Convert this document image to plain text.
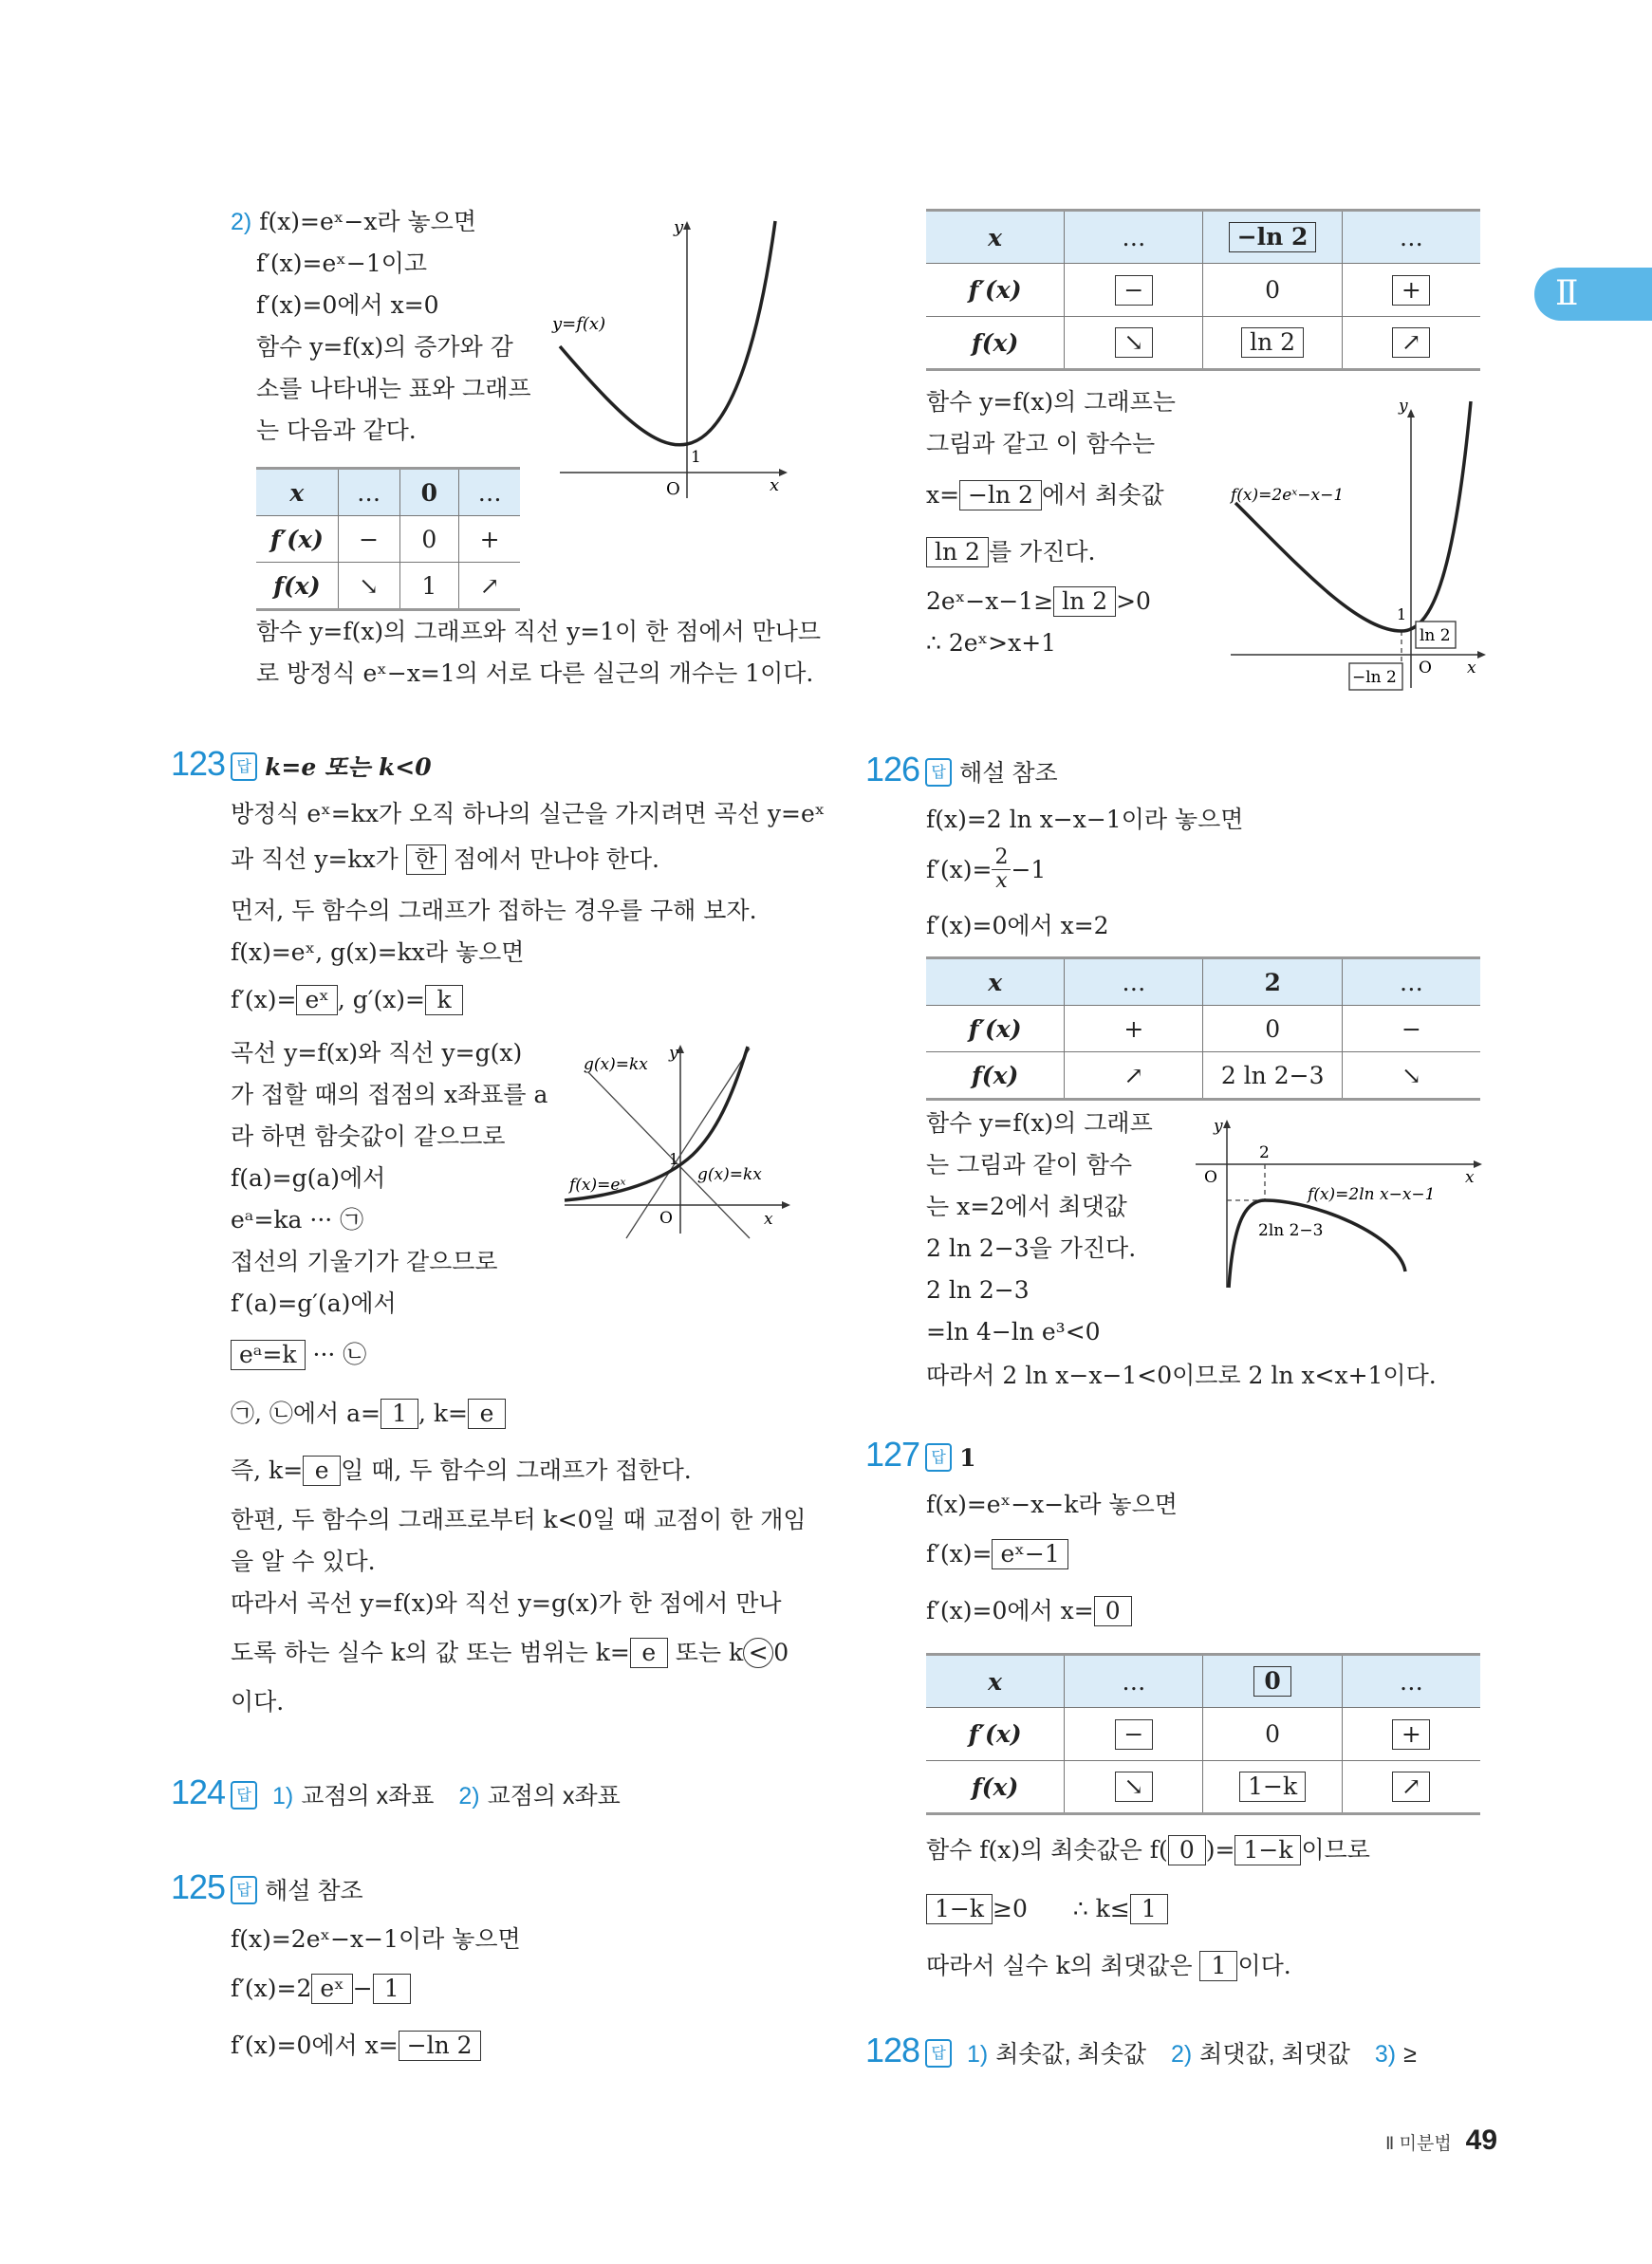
Ⅱ
2) f(x)=eˣ−x라 놓으면
f′(x)=eˣ−1이고
f′(x)=0에서 x=0
함수 y=f(x)의 증가와 감
소를 나타내는 표와 그래프
는 다음과 같다.
y
x
O
1
y=f(x)
x	…	0	…
f′(x)	−	0	+
f(x)	↘	1	↗
함수 y=f(x)의 그래프와 직선 y=1이 한 점에서 만나므
로 방정식 eˣ−x=1의 서로 다른 실근의 개수는 1이다.
123 답 k=e 또는 k<0
방정식 eˣ=kx가 오직 하나의 실근을 가지려면 곡선 y=eˣ
과 직선 y=kx가 한 점에서 만나야 한다.
먼저, 두 함수의 그래프가 접하는 경우를 구해 보자.
f(x)=eˣ, g(x)=kx라 놓으면
f′(x)= eˣ , g′(x)= k
곡선 y=f(x)와 직선 y=g(x)
가 접할 때의 접점의 x좌표를 a
라 하면 함숫값이 같으므로
f(a)=g(a)에서
eᵃ=ka ··· ㉠
접선의 기울기가 같으므로
f′(a)=g′(a)에서
eᵃ=k ··· ㉡
㉠, ㉡에서 a= 1 , k= e
즉, k= e 일 때, 두 함수의 그래프가 접한다.
한편, 두 함수의 그래프로부터 k<0일 때 교점이 한 개임
을 알 수 있다.
따라서 곡선 y=f(x)와 직선 y=g(x)가 한 점에서 만나
도록 하는 실수 k의 값 또는 범위는 k= e 또는 k < 0
이다.
y
x
O
1
g(x)=kx
g(x)=kx
f(x)=eˣ
124 답 1) 교점의 x좌표 2) 교점의 x좌표
125 답 해설 참조
f(x)=2eˣ−x−1이라 놓으면
f′(x)=2 eˣ − 1
f′(x)=0에서 x= −ln 2
x	…	−ln 2	…
f′(x)	−	0	+
f(x)	↘	ln 2	↗
함수 y=f(x)의 그래프는
그림과 같고 이 함수는
x= −ln 2 에서 최솟값
ln 2 를 가진다.
2eˣ−x−1≥ ln 2 >0
∴ 2eˣ>x+1
y
x
O
1
ln 2
−ln 2
f(x)=2eˣ−x−1
126 답 해설 참조
f(x)=2 ln x−x−1이라 놓으면
$f'(x)= \frac{2}{x} -1$
f′(x)=0에서 x=2
x	…	2	…
f′(x)	+	0	−
f(x)	↗	2 ln 2−3	↘
함수 y=f(x)의 그래프
는 그림과 같이 함수
는 x=2에서 최댓값
2 ln 2−3을 가진다.
2 ln 2−3
=ln 4−ln e³<0
따라서 2 ln x−x−1<0이므로 2 ln x<x+1이다.
y
x
O
2
f(x)=2ln x−x−1
2ln 2−3
127 답 1
f(x)=eˣ−x−k라 놓으면
f′(x)= eˣ−1
f′(x)=0에서 x= 0
x	…	0	…
f′(x)	−	0	+
f(x)	↘	1−k	↗
함수 f(x)의 최솟값은 f( 0 )= 1−k 이므로
1−k ≥0 ∴ k≤ 1
따라서 실수 k의 최댓값은 1 이다.
128 답 1) 최솟값, 최솟값 2) 최댓값, 최댓값 3) ≥
Ⅱ 미분법 49
